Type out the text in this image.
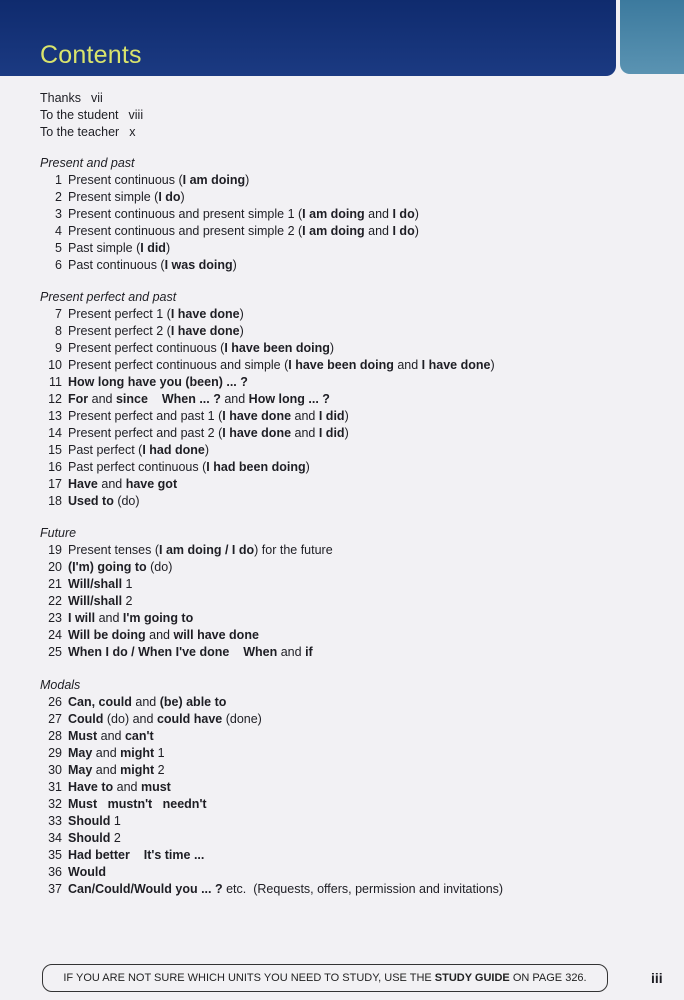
Contents
Thanks vii
To the student viii
To the teacher x
Present and past
1 Present continuous (I am doing)
2 Present simple (I do)
3 Present continuous and present simple 1 (I am doing and I do)
4 Present continuous and present simple 2 (I am doing and I do)
5 Past simple (I did)
6 Past continuous (I was doing)
Present perfect and past
7 Present perfect 1 (I have done)
8 Present perfect 2 (I have done)
9 Present perfect continuous (I have been doing)
10 Present perfect continuous and simple (I have been doing and I have done)
11 How long have you (been) ... ?
12 For and since When ... ? and How long ... ?
13 Present perfect and past 1 (I have done and I did)
14 Present perfect and past 2 (I have done and I did)
15 Past perfect (I had done)
16 Past perfect continuous (I had been doing)
17 Have and have got
18 Used to (do)
Future
19 Present tenses (I am doing / I do) for the future
20 (I'm) going to (do)
21 Will/shall 1
22 Will/shall 2
23 I will and I'm going to
24 Will be doing and will have done
25 When I do / When I've done When and if
Modals
26 Can, could and (be) able to
27 Could (do) and could have (done)
28 Must and can't
29 May and might 1
30 May and might 2
31 Have to and must
32 Must   mustn't   needn't
33 Should 1
34 Should 2
35 Had better It's time ...
36 Would
37 Can/Could/Would you ... ? etc.  (Requests, offers, permission and invitations)
IF YOU ARE NOT SURE WHICH UNITS YOU NEED TO STUDY, USE THE STUDY GUIDE ON PAGE 326.	iii
